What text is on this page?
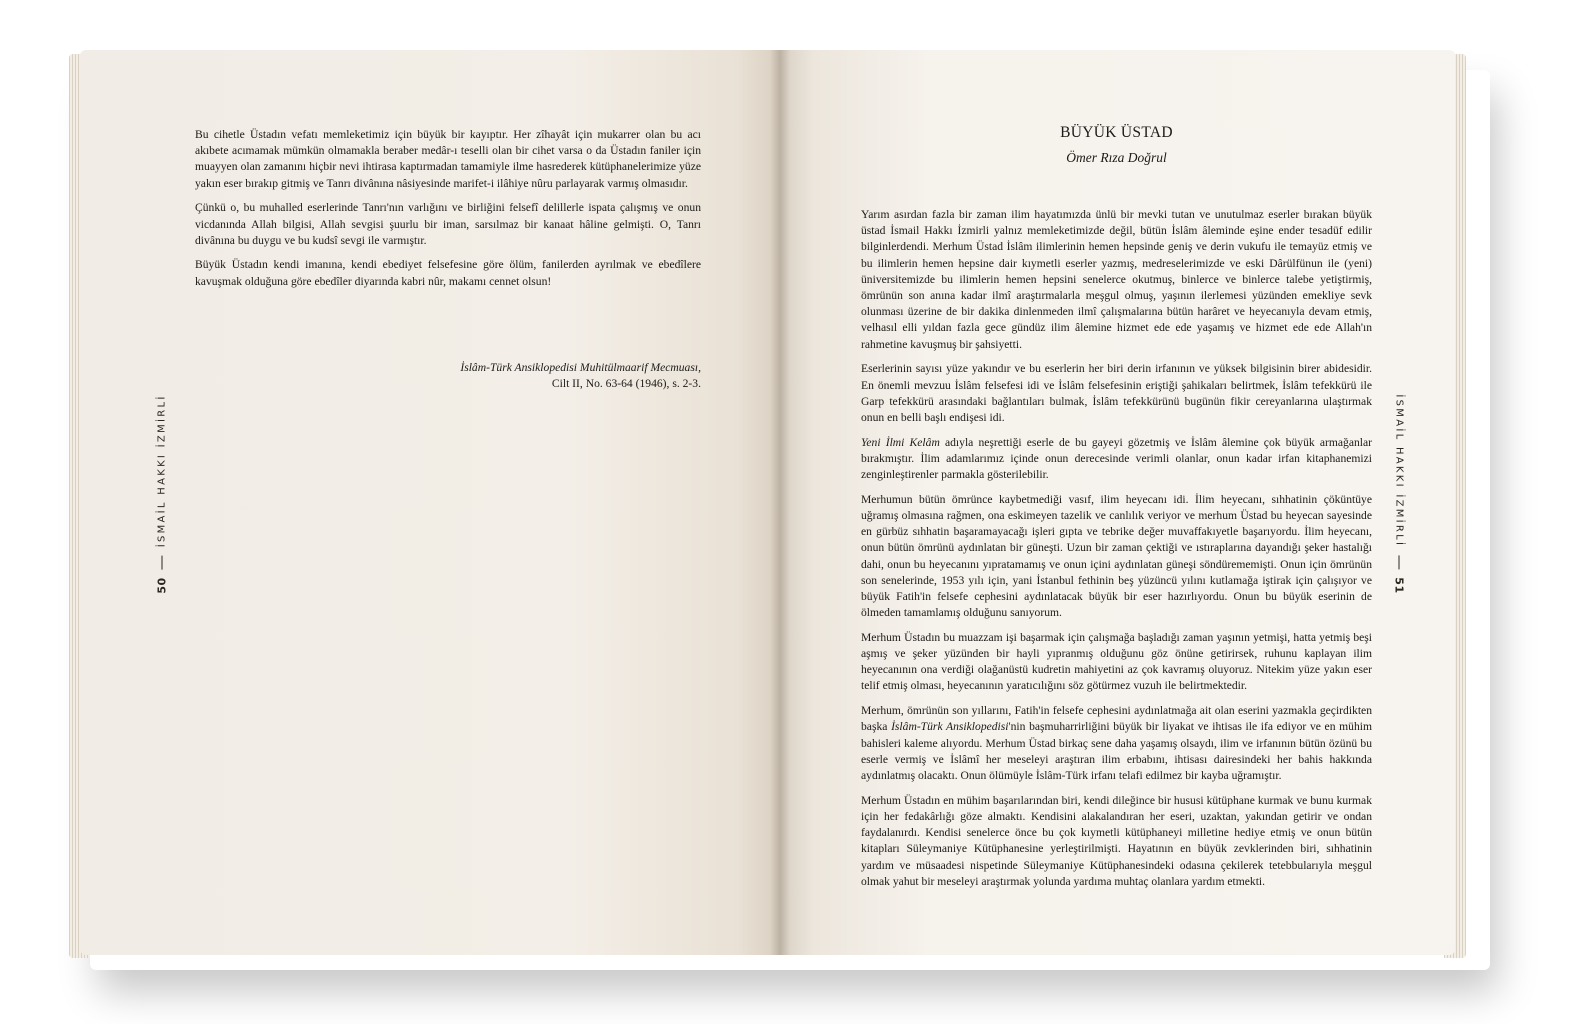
Bu cihetle Üstadın vefatı memleketimiz için büyük bir kayıptır. Her zîhayât için mukarrer olan bu acı akıbete acımamak mümkün olmamakla beraber medâr-ı teselli olan bir cihet varsa o da Üstadın faniler için muayyen olan zamanını hiçbir nevi ihtirasa kaptırmadan tamamiyle ilme hasrederek kütüphanelerimize yüze yakın eser bırakıp gitmiş ve Tanrı divânına nâsiyesinde marifet-i ilâhiye nûru parlayarak varmış olmasıdır.

Çünkü o, bu muhalled eserlerinde Tanrı'nın varlığını ve birliğini felsefî delillerle ispata çalışmış ve onun vicdanında Allah bilgisi, Allah sevgisi şuurlu bir iman, sarsılmaz bir kanaat hâline gelmişti. O, Tanrı divânına bu duygu ve bu kudsî sevgi ile varmıştır.

Büyük Üstadın kendi imanına, kendi ebediyet felsefesine göre ölüm, fanilerden ayrılmak ve ebedîlere kavuşmak olduğuna göre ebedîler diyarında kabri nûr, makamı cennet olsun!

İslâm-Türk Ansiklopedisi Muhitülmaarif Mecmuası,
Cilt II, No. 63-64 (1946), s. 2-3.
50
İSMAİL HAKKI İZMİRLİ
BÜYÜK ÜSTAD
Ömer Rıza Doğrul

Yarım asırdan fazla bir zaman ilim hayatımızda ünlü bir mevki tutan ve unutulmaz eserler bırakan büyük üstad İsmail Hakkı İzmirli yalnız memleketimizde değil, bütün İslâm âleminde eşine ender tesadüf edilir bilginlerdendi. Merhum Üstad İslâm ilimlerinin hemen hepsinde geniş ve derin vukufu ile temayüz etmiş ve bu ilimlerin hemen hepsine dair kıymetli eserler yazmış, medreselerimizde ve eski Dârülfünun ile (yeni) üniversitemizde bu ilimlerin hemen hepsini senelerce okutmuş, binlerce ve binlerce talebe yetiştirmiş, ömrünün son anına kadar ilmî araştırmalarla meşgul olmuş, yaşının ilerlemesi yüzünden emekliye sevk olunması üzerine de bir dakika dinlenmeden ilmî çalışmalarına bütün harâret ve heyecanıyla devam etmiş, velhasıl elli yıldan fazla gece gündüz ilim âlemine hizmet ede ede yaşamış ve hizmet ede ede Allah'ın rahmetine kavuşmuş bir şahsiyetti.

Eserlerinin sayısı yüze yakındır ve bu eserlerin her biri derin irfanının ve yüksek bilgisinin birer abidesidir. En önemli mevzuu İslâm felsefesi idi ve İslâm felsefesinin eriştiği şahikaları belirtmek, İslâm tefekkürü ile Garp tefekkürü arasındaki bağlantıları bulmak, İslâm tefekkürünü bugünün fikir cereyanlarına ulaştırmak onun en belli başlı endişesi idi.

Yeni İlmi Kelâm adıyla neşrettiği eserle de bu gayeyi gözetmiş ve İslâm âlemine çok büyük armağanlar bırakmıştır. İlim adamlarımız içinde onun derecesinde verimli olanlar, onun kadar irfan kitaphanemizi zenginleştirenler parmakla gösterilebilir.

Merhumun bütün ömrünce kaybetmediği vasıf, ilim heyecanı idi. İlim heyecanı, sıhhatinin çöküntüye uğramış olmasına rağmen, ona eskimeyen tazelik ve canlılık veriyor ve merhum Üstad bu heyecan sayesinde en gürbüz sıhhatin başaramayacağı işleri gıpta ve tebrike değer muvaffakıyetle başarıyordu. İlim heyecanı, onun bütün ömrünü aydınlatan bir güneşti. Uzun bir zaman çektiği ve ıstıraplarına dayandığı şeker hastalığı dahi, onun bu heyecanını yıpratamamış ve onun içini aydınlatan güneşi söndürememişti. Onun için ömrünün son senelerinde, 1953 yılı için, yani İstanbul fethinin beş yüzüncü yılını kutlamağa iştirak için çalışıyor ve büyük Fatih'in felsefe cephesini aydınlatacak büyük bir eser hazırlıyordu. Onun bu büyük eserinin de ölmeden tamamlamış olduğunu sanıyorum.

Merhum Üstadın bu muazzam işi başarmak için çalışmağa başladığı zaman yaşının yetmişi, hatta yetmiş beşi aşmış ve şeker yüzünden bir hayli yıpranmış olduğunu göz önüne getirirsek, ruhunu kaplayan ilim heyecanının ona verdiği olağanüstü kudretin mahiyetini az çok kavramış oluyoruz. Nitekim yüze yakın eser telif etmiş olması, heyecanının yaratıcılığını söz götürmez vuzuh ile belirtmektedir.

Merhum, ömrünün son yıllarını, Fatih'in felsefe cephesini aydınlatmağa ait olan eserini yazmakla geçirdikten başka İslâm-Türk Ansiklopedisi'nin başmuharrirliğini büyük bir liyakat ve ihtisas ile ifa ediyor ve en mühim bahisleri kaleme alıyordu. Merhum Üstad birkaç sene daha yaşamış olsaydı, ilim ve irfanının bütün özünü bu eserle vermiş ve İslâmî her meseleyi araştıran ilim erbabını, ihtisası dairesindeki her bahis hakkında aydınlatmış olacaktı. Onun ölümüyle İslâm-Türk irfanı telafi edilmez bir kayba uğramıştır.

Merhum Üstadın en mühim başarılarından biri, kendi dileğince bir hususi kütüphane kurmak ve bunu kurmak için her fedakârlığı göze almaktı. Kendisini alakalandıran her eseri, uzaktan, yakından getirir ve ondan faydalanırdı. Kendisi senelerce önce bu çok kıymetli kütüphaneyi milletine hediye etmiş ve onun bütün kitapları Süleymaniye Kütüphanesine yerleştirilmişti. Hayatının en büyük zevklerinden biri, sıhhatinin yardım ve müsaadesi nispetinde Süleymaniye Kütüphanesindeki odasına çekilerek tetebbularıyla meşgul olmak yahut bir meseleyi araştırmak yolunda yardıma muhtaç olanlara yardım etmekti.

İSMAİL HAKKI İZMİRLİ
51
